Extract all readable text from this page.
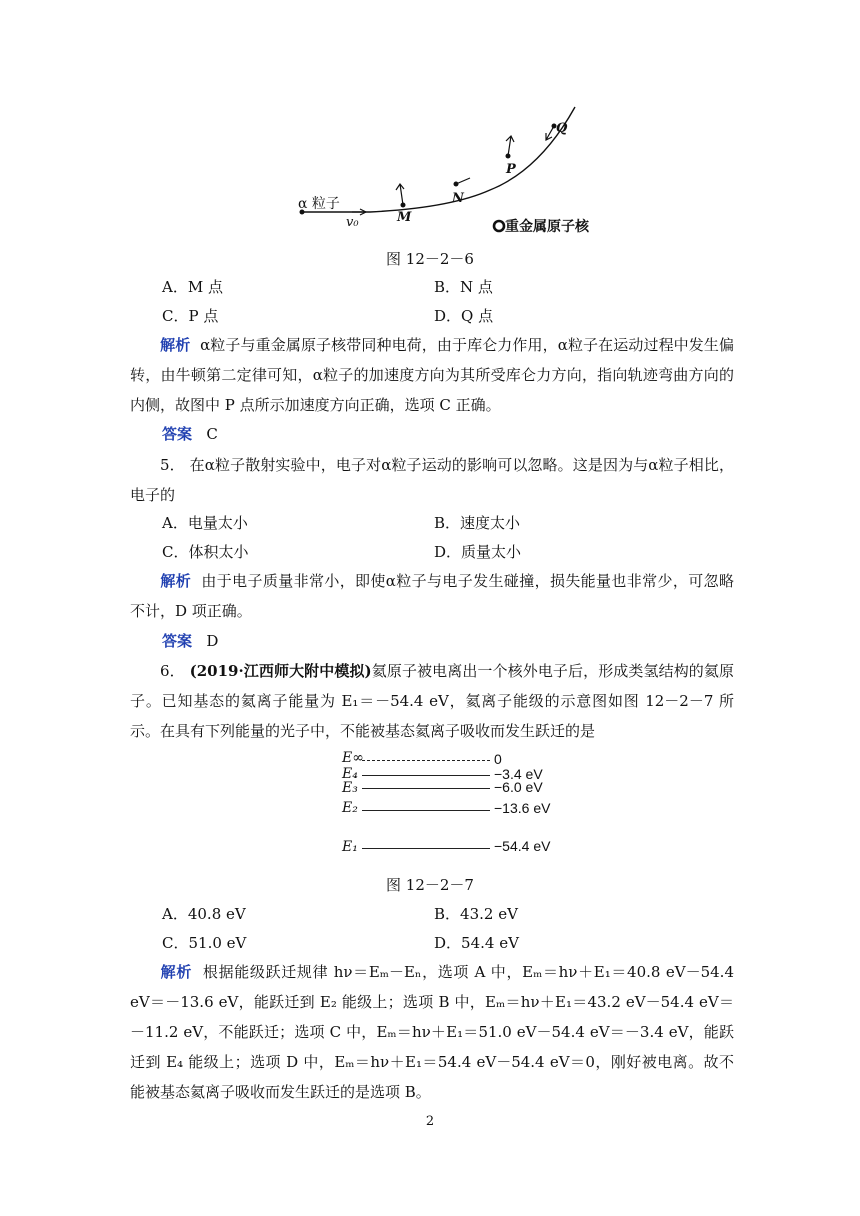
α 粒子
v₀	M
N
P
Q
重金属原子核
图 12－2－6
A．M 点	B．N 点
C．P 点	D．Q 点
解析 α粒子与重金属原子核带同种电荷，由于库仑力作用，α粒子在运动过程中发生偏转，由牛顿第二定律可知，α粒子的加速度方向为其所受库仑力方向，指向轨迹弯曲方向的内侧，故图中 P 点所示加速度方向正确，选项 C 正确。
答案 C
5． 在α粒子散射实验中，电子对α粒子运动的影响可以忽略。这是因为与α粒子相比，电子的
A．电量太小	B．速度太小
C．体积太小	D．质量太小
解析 由于电子质量非常小，即使α粒子与电子发生碰撞，损失能量也非常少，可忽略不计，D 项正确。
答案 D
6． (2019·江西师大附中模拟)氦原子被电离出一个核外电子后，形成类氢结构的氦原子。已知基态的氦离子能量为 E₁＝－54.4 eV，氦离子能级的示意图如图 12－2－7 所示。在具有下列能量的光子中，不能被基态氦离子吸收而发生跃迁的是
E∞	0
E₄	−3.4 eV
E₃	−6.0 eV
E₂	−13.6 eV
E₁	−54.4 eV
图 12－2－7
A．40.8 eV	B．43.2 eV
C．51.0 eV	D．54.4 eV
解析 根据能级跃迁规律 hν＝Eₘ－Eₙ，选项 A 中，Eₘ＝hν＋E₁＝40.8 eV－54.4 eV＝－13.6 eV，能跃迁到 E₂ 能级上；选项 B 中，Eₘ＝hν＋E₁＝43.2 eV－54.4 eV＝－11.2 eV，不能跃迁；选项 C 中，Eₘ＝hν＋E₁＝51.0 eV－54.4 eV＝－3.4 eV，能跃迁到 E₄ 能级上；选项 D 中，Eₘ＝hν＋E₁＝54.4 eV－54.4 eV＝0，刚好被电离。故不能被基态氦离子吸收而发生跃迁的是选项 B。
2
